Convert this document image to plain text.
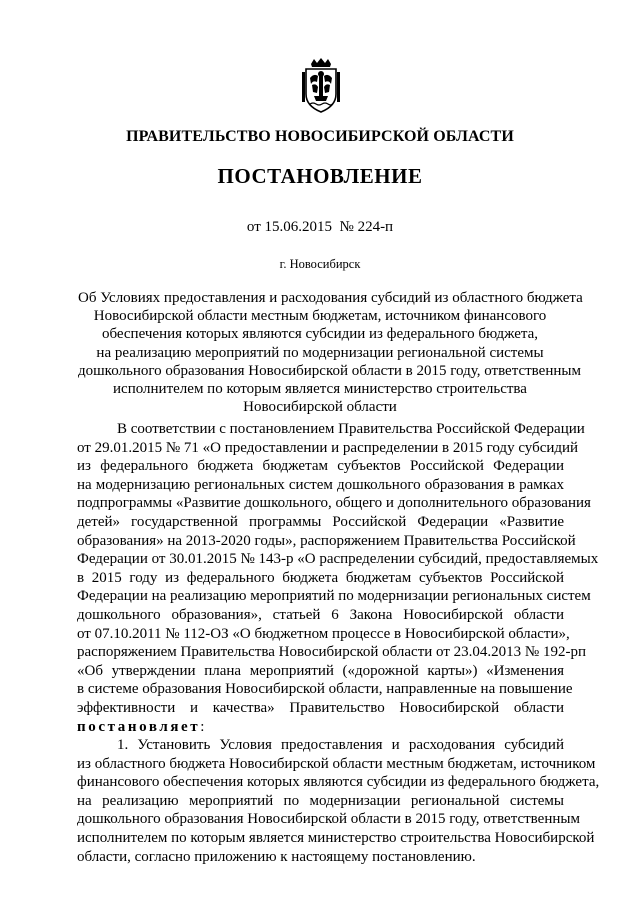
ПРАВИТЕЛЬСТВО НОВОСИБИРСКОЙ ОБЛАСТИ
ПОСТАНОВЛЕНИЕ
от 15.06.2015 № 224-п
г. Новосибирск
Об Условиях предоставления и расходования субсидий из областного бюджета
Новосибирской области местным бюджетам, источником финансового
обеспечения которых являются субсидии из федерального бюджета,
на реализацию мероприятий по модернизации региональной системы
дошкольного образования Новосибирской области в 2015 году, ответственным
исполнителем по которым является министерство строительства
Новосибирской области
В соответствии с постановлением Правительства Российской Федерации
от 29.01.2015 № 71 «О предоставлении и распределении в 2015 году субсидий
из федерального бюджета бюджетам субъектов Российской Федерации
на модернизацию региональных систем дошкольного образования в рамках
подпрограммы «Развитие дошкольного, общего и дополнительного образования
детей» государственной программы Российской Федерации «Развитие
образования» на 2013-2020 годы», распоряжением Правительства Российской
Федерации от 30.01.2015 № 143-р «О распределении субсидий, предоставляемых
в 2015 году из федерального бюджета бюджетам субъектов Российской
Федерации на реализацию мероприятий по модернизации региональных систем
дошкольного образования», статьей 6 Закона Новосибирской области
от 07.10.2011 № 112-ОЗ «О бюджетном процессе в Новосибирской области»,
распоряжением Правительства Новосибирской области от 23.04.2013 № 192-рп
«Об утверждении плана мероприятий («дорожной карты») «Изменения
в системе образования Новосибирской области, направленные на повышение
эффективности и качества» Правительство Новосибирской области
постановляет:
1. Установить Условия предоставления и расходования субсидий
из областного бюджета Новосибирской области местным бюджетам, источником
финансового обеспечения которых являются субсидии из федерального бюджета,
на реализацию мероприятий по модернизации региональной системы
дошкольного образования Новосибирской области в 2015 году, ответственным
исполнителем по которым является министерство строительства Новосибирской
области, согласно приложению к настоящему постановлению.
